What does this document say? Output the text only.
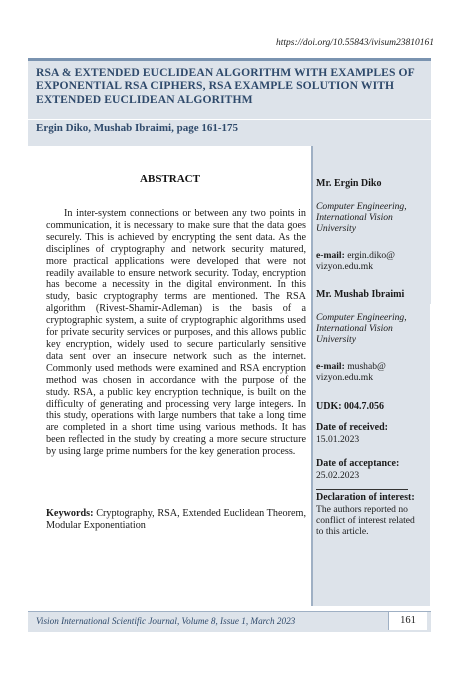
https://doi.org/10.55843/ivisum23810161
RSA & EXTENDED EUCLIDEAN ALGORITHM WITH EXAMPLES OF EXPONENTIAL RSA CIPHERS, RSA EXAMPLE SOLUTION WITH EXTENDED EUCLIDEAN ALGORITHM
Ergin Diko, Mushab Ibraimi, page 161-175
ABSTRACT
In inter-system connections or between any two points in communication, it is necessary to make sure that the data goes securely. This is achieved by encrypting the sent data. As the disciplines of cryptography and network security matured, more practical applications were developed that were not readily available to ensure network security. Today, encryption has become a necessity in the digital environment. In this study, basic cryptography terms are mentioned. The RSA algorithm (Rivest-Shamir-Adleman) is the basis of a cryptographic system, a suite of cryptographic algorithms used for private security services or purposes, and this allows public key encryption, widely used to secure particularly sensitive data sent over an insecure network such as the internet. Commonly used methods were examined and RSA encryption method was chosen in accordance with the purpose of the study. RSA, a public key encryption technique, is built on the difficulty of generating and processing very large integers. In this study, operations with large numbers that take a long time are completed in a short time using various methods. It has been reflected in the study by creating a more secure structure by using large prime numbers for the key generation process.
Keywords: Cryptography, RSA, Extended Euclidean Theorem, Modular Exponentiation
Mr. Ergin Diko
Computer Engineering, International Vision University
e-mail: ergin.diko@ vizyon.edu.mk
Mr. Mushab Ibraimi
Computer Engineering, International Vision University
e-mail: mushab@ vizyon.edu.mk
UDK: 004.7.056
Date of received:
15.01.2023
Date of acceptance:
25.02.2023
Declaration of interest:
The authors reported no conflict of interest related to this article.
Vision International Scientific Journal, Volume 8, Issue 1, March 2023	161
